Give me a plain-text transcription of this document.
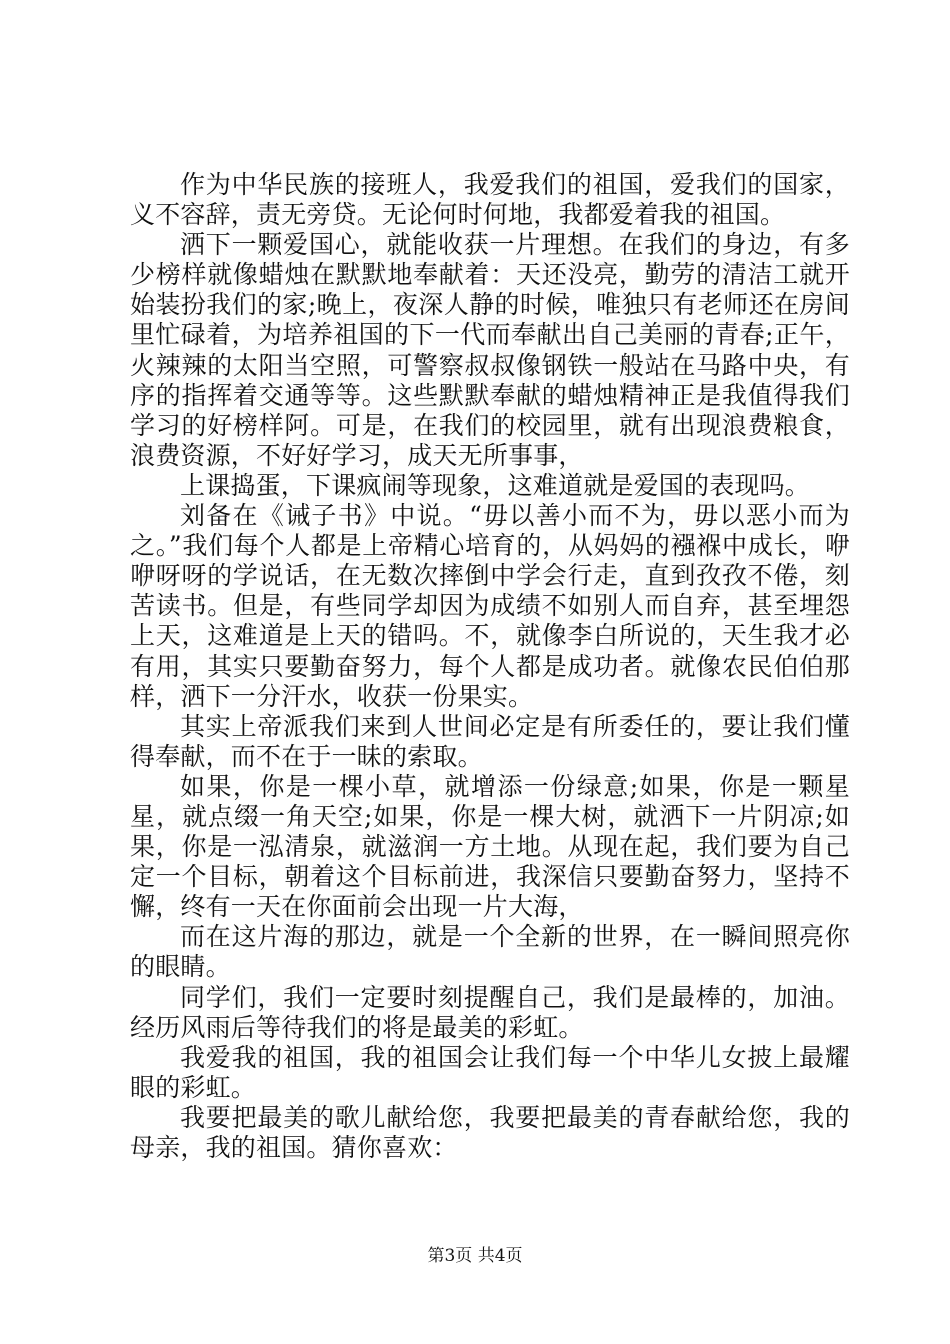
作为中华民族的接班人，我爱我们的祖国，爱我们的国家，义不容辞，责无旁贷。无论何时何地，我都爱着我的祖国。

洒下一颗爱国心，就能收获一片理想。在我们的身边，有多少榜样就像蜡烛在默默地奉献着：天还没亮，勤劳的清洁工就开始装扮我们的家;晚上，夜深人静的时候，唯独只有老师还在房间里忙碌着，为培养祖国的下一代而奉献出自己美丽的青春;正午，火辣辣的太阳当空照，可警察叔叔像钢铁一般站在马路中央，有序的指挥着交通等等。这些默默奉献的蜡烛精神正是我值得我们学习的好榜样阿。可是，在我们的校园里，就有出现浪费粮食，浪费资源，不好好学习，成天无所事事，

上课捣蛋，下课疯闹等现象，这难道就是爱国的表现吗。

刘备在《诫子书》中说。“毋以善小而不为，毋以恶小而为之。”我们每个人都是上帝精心培育的，从妈妈的襁褓中成长，咿咿呀呀的学说话，在无数次摔倒中学会行走，直到孜孜不倦，刻苦读书。但是，有些同学却因为成绩不如别人而自弃，甚至埋怨上天，这难道是上天的错吗。不，就像李白所说的，天生我才必有用，其实只要勤奋努力，每个人都是成功者。就像农民伯伯那样，洒下一分汗水，收获一份果实。

其实上帝派我们来到人世间必定是有所委任的，要让我们懂得奉献，而不在于一昧的索取。

如果，你是一棵小草，就增添一份绿意;如果，你是一颗星星，就点缀一角天空;如果，你是一棵大树，就洒下一片阴凉;如果，你是一泓清泉，就滋润一方土地。从现在起，我们要为自己定一个目标，朝着这个目标前进，我深信只要勤奋努力，坚持不懈，终有一天在你面前会出现一片大海，

而在这片海的那边，就是一个全新的世界，在一瞬间照亮你的眼睛。

同学们，我们一定要时刻提醒自己，我们是最棒的，加油。经历风雨后等待我们的将是最美的彩虹。

我爱我的祖国，我的祖国会让我们每一个中华儿女披上最耀眼的彩虹。

我要把最美的歌儿献给您，我要把最美的青春献给您，我的母亲，我的祖国。猜你喜欢：

第3页 共4页
